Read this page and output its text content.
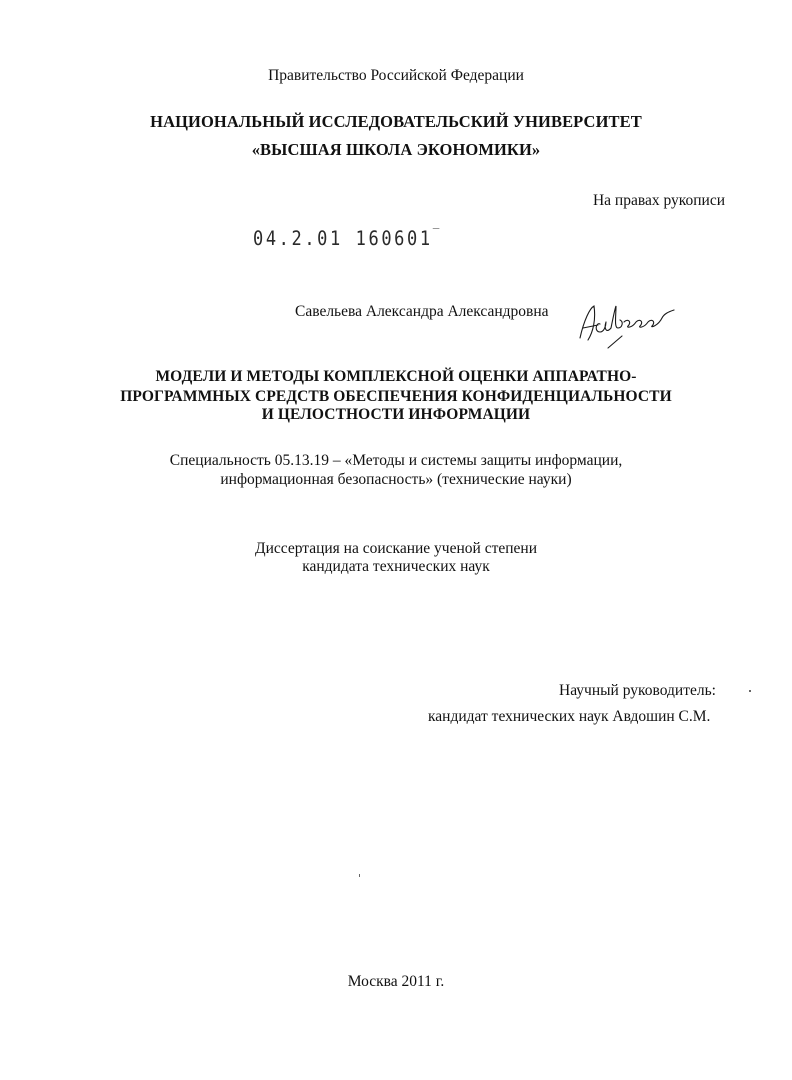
Правительство Российской Федерации
НАЦИОНАЛЬНЫЙ ИССЛЕДОВАТЕЛЬСКИЙ УНИВЕРСИТЕТ
«ВЫСШАЯ ШКОЛА ЭКОНОМИКИ»
На правах рукописи
04.2.01 160601‾
Савельева Александра Александровна
МОДЕЛИ И МЕТОДЫ КОМПЛЕКСНОЙ ОЦЕНКИ АППАРАТНО-
ПРОГРАММНЫХ СРЕДСТВ ОБЕСПЕЧЕНИЯ КОНФИДЕНЦИАЛЬНОСТИ
И ЦЕЛОСТНОСТИ ИНФОРМАЦИИ
Специальность 05.13.19 – «Методы и системы защиты информации,
информационная безопасность» (технические науки)
Диссертация на соискание ученой степени
кандидата технических наук
Научный руководитель:
кандидат технических наук Авдошин С.М.
Москва 2011 г.
